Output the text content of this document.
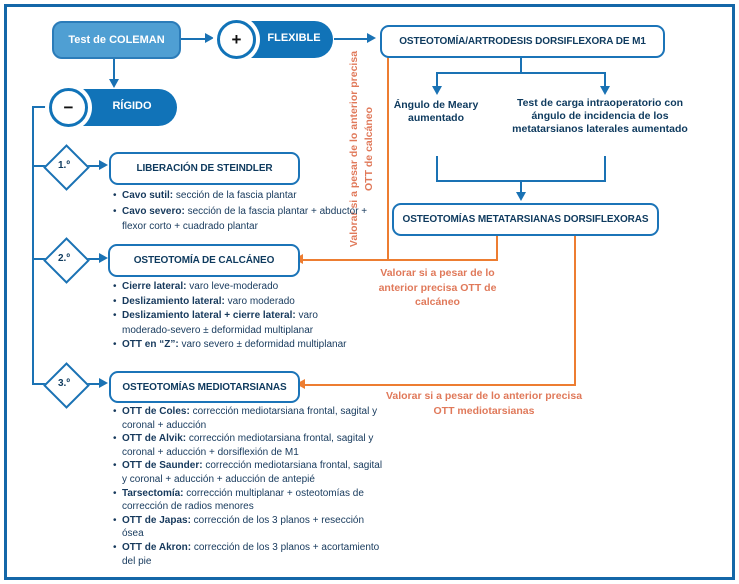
Test de COLEMAN	+	FLEXIBLE
−	RÍGIDO
OSTEOTOMÍA/ARTRODESIS DORSIFLEXORA DE M1
Ángulo de Meary aumentado
Test de carga intraoperatorio con ángulo de incidencia de los metatarsianos laterales aumentado
OSTEOTOMÍAS METATARSIANAS DORSIFLEXORAS
Valorar si a pesar de lo anterior precisa OTT de calcáneo
Valorar si a pesar de lo anterior precisa OTT de calcáneo
Valorar si a pesar de lo anterior precisa OTT mediotarsianas
1.º	LIBERACIÓN DE STEINDLER
• Cavo sutil: sección de la fascia plantar
• Cavo severo: sección de la fascia plantar + abductor + flexor corto + cuadrado plantar
2.º	OSTEOTOMÍA DE CALCÁNEO
• Cierre lateral: varo leve-moderado
• Deslizamiento lateral: varo moderado
• Deslizamiento lateral + cierre lateral: varo moderado-severo ± deformidad multiplanar
• OTT en “Z”: varo severo ± deformidad multiplanar
3.º	OSTEOTOMÍAS MEDIOTARSIANAS
• OTT de Coles: corrección mediotarsiana frontal, sagital y coronal + aducción
• OTT de Alvik: corrección mediotarsiana frontal, sagital y coronal + aducción + dorsiflexión de M1
• OTT de Saunder: corrección mediotarsiana frontal, sagital y coronal + aducción + aducción de antepié
• Tarsectomía: corrección multiplanar + osteotomías de corrección de radios menores
• OTT de Japas: corrección de los 3 planos + resección ósea
• OTT de Akron: corrección de los 3 planos + acortamiento del pie
